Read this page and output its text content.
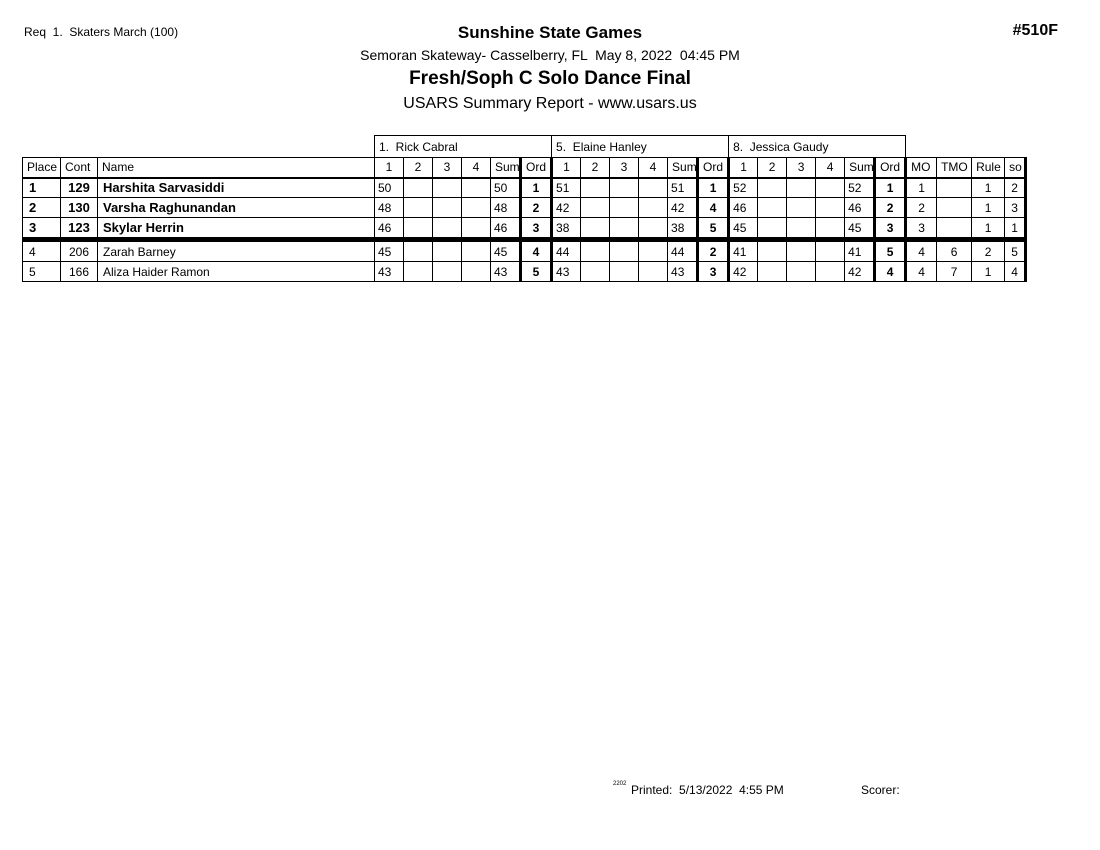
Req  1.  Skaters March (100)	#510F
Sunshine State Games
Semoran Skateway- Casselberry, FL  May 8, 2022  04:45 PM
Fresh/Soph C Solo Dance Final
USARS Summary Report - www.usars.us
			1.  Rick Cabral						5.  Elaine Hanley						8.  Jessica Gaudy									
Place	Cont	Name	1	2	3	4	Sum	Ord	1	2	3	4	Sum	Ord	1	2	3	4	Sum	Ord	MO	TMO	Rule	so
1	129	Harshita Sarvasiddi	50				50	1	51				51	1	52				52	1	1		1	2
2	130	Varsha Raghunandan	48				48	2	42				42	4	46				46	2	2		1	3
3	123	Skylar Herrin	46				46	3	38				38	5	45				45	3	3		1	1

4	206	Zarah Barney	45				45	4	44				44	2	41				41	5	4	6	2	5
5	166	Aliza Haider Ramon	43				43	5	43				43	3	42				42	4	4	7	1	4
2202 Printed:  5/13/2022  4:55 PM	Scorer:
